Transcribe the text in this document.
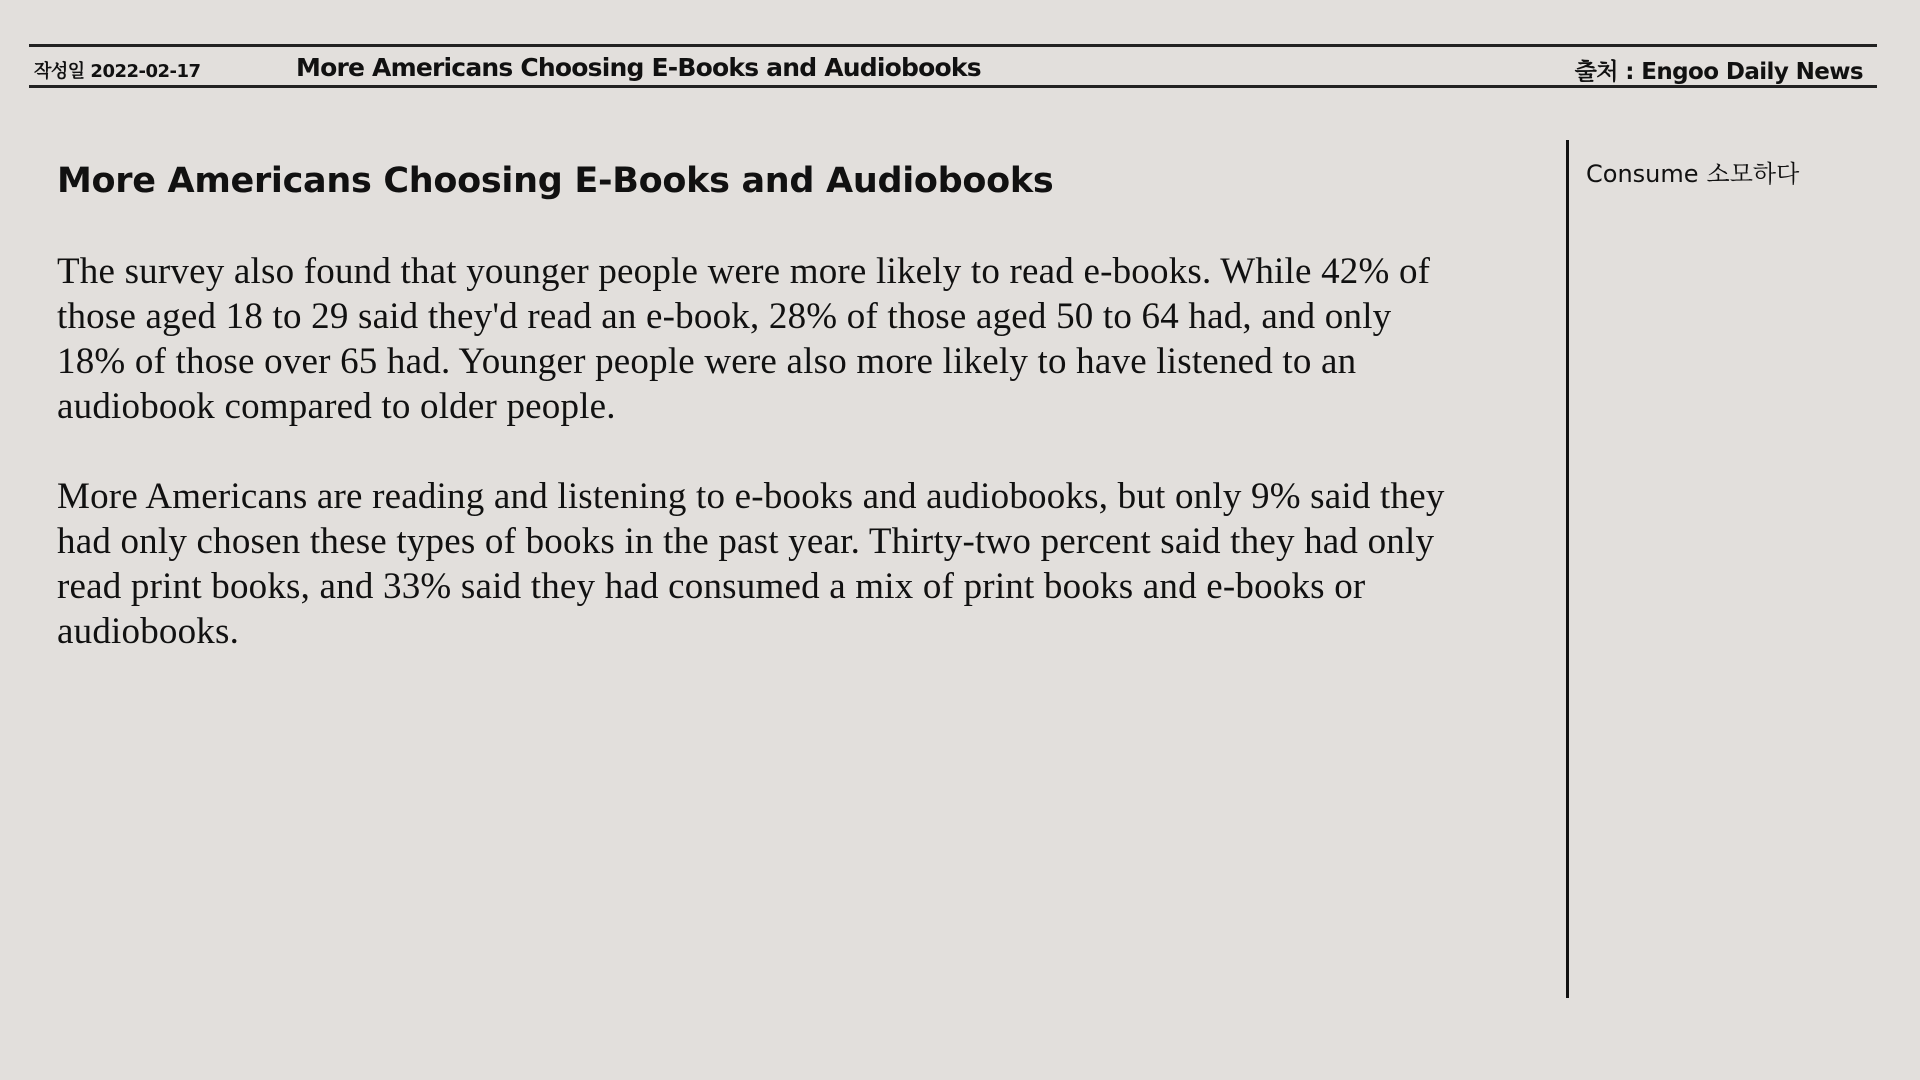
작성일 2022-02-17	More Americans Choosing E-Books and Audiobooks	출처 : Engoo Daily News
More Americans Choosing E-Books and Audiobooks

The survey also found that younger people were more likely to read e-books. While 42% of those aged 18 to 29 said they'd read an e-book, 28% of those aged 50 to 64 had, and only 18% of those over 65 had. Younger people were also more likely to have listened to an audiobook compared to older people.

More Americans are reading and listening to e-books and audiobooks, but only 9% said they had only chosen these types of books in the past year. Thirty-two percent said they had only read print books, and 33% said they had consumed a mix of print books and e-books or audiobooks.

Consume 소모하다
